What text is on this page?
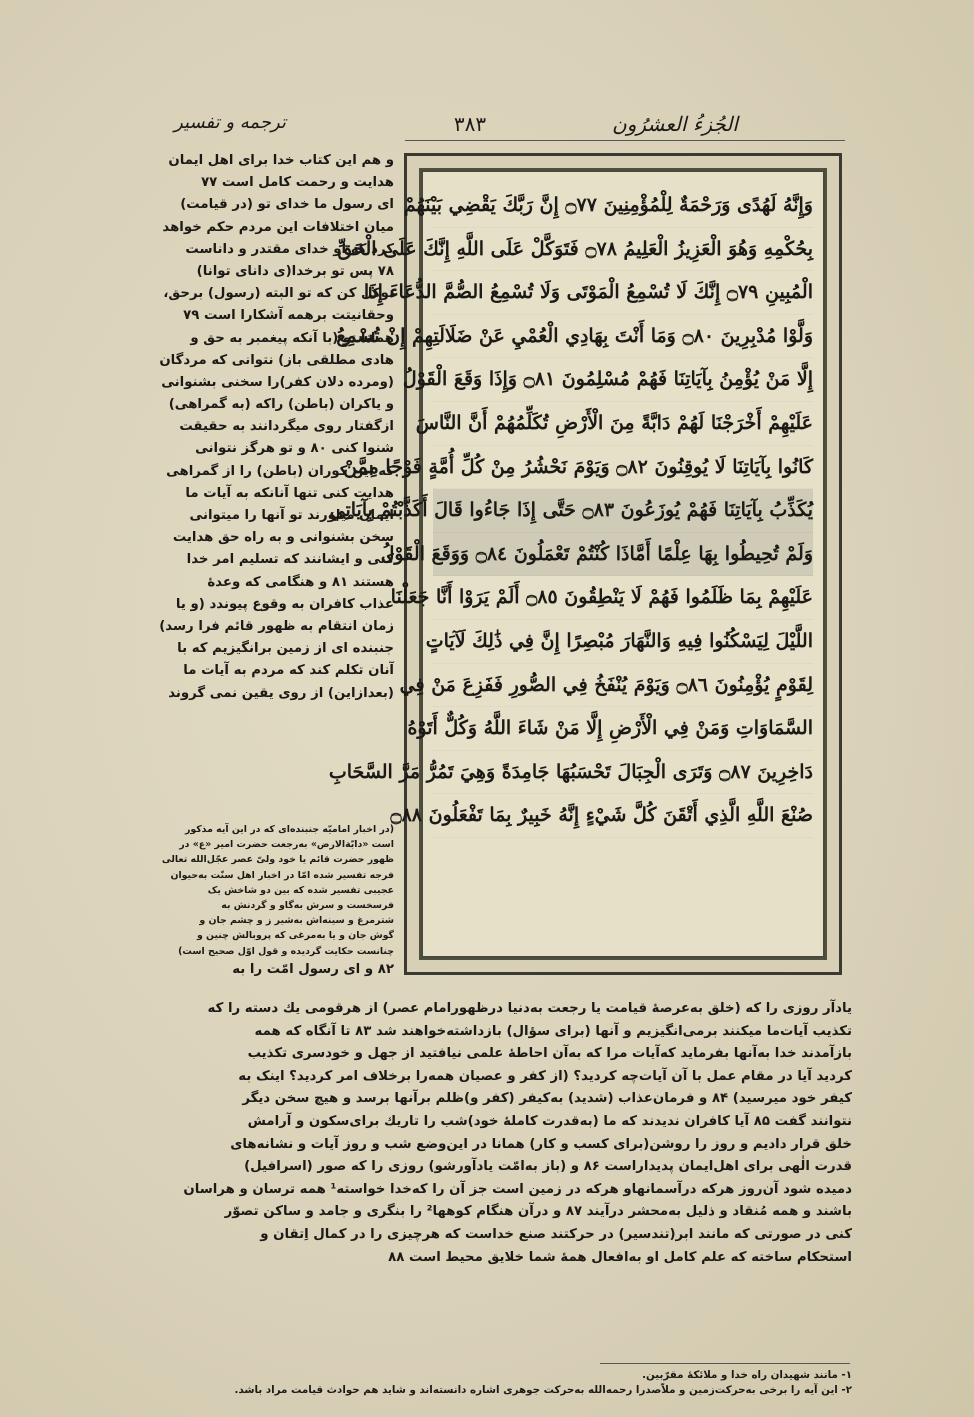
الجُزءُ العشرُون
۳۸۳
ترجمه و تفسیر
وَإِنَّهُ لَهُدًى وَرَحْمَةٌ لِلْمُؤْمِنِينَ ۝٧٧ إِنَّ رَبَّكَ يَقْضِي بَيْنَهُمْ
بِحُكْمِهِ وَهُوَ الْعَزِيزُ الْعَلِيمُ ۝٧٨ فَتَوَكَّلْ عَلَى اللَّهِ إِنَّكَ عَلَى الْحَقِّ
الْمُبِينِ ۝٧٩ إِنَّكَ لَا تُسْمِعُ الْمَوْتَى وَلَا تُسْمِعُ الصُّمَّ الدُّعَاءَ إِذَا
وَلَّوْا مُدْبِرِينَ ۝٨٠ وَمَا أَنْتَ بِهَادِي الْعُمْيِ عَنْ ضَلَالَتِهِمْ إِنْ تُسْمِعُ
إِلَّا مَنْ يُؤْمِنُ بِآيَاتِنَا فَهُمْ مُسْلِمُونَ ۝٨١ وَإِذَا وَقَعَ الْقَوْلُ
عَلَيْهِمْ أَخْرَجْنَا لَهُمْ دَابَّةً مِنَ الْأَرْضِ تُكَلِّمُهُمْ أَنَّ النَّاسَ
كَانُوا بِآيَاتِنَا لَا يُوقِنُونَ ۝٨٢ وَيَوْمَ نَحْشُرُ مِنْ كُلِّ أُمَّةٍ فَوْجًا مِمَّنْ
يُكَذِّبُ بِآيَاتِنَا فَهُمْ يُوزَعُونَ ۝٨٣ حَتَّى إِذَا جَاءُوا قَالَ أَكَذَّبْتُمْ بِآيَاتِي
وَلَمْ تُحِيطُوا بِهَا عِلْمًا أَمَّاذَا كُنْتُمْ تَعْمَلُونَ ۝٨٤ وَوَقَعَ الْقَوْلُ
عَلَيْهِمْ بِمَا ظَلَمُوا فَهُمْ لَا يَنْطِقُونَ ۝٨٥ أَلَمْ يَرَوْا أَنَّا جَعَلْنَا
اللَّيْلَ لِيَسْكُنُوا فِيهِ وَالنَّهَارَ مُبْصِرًا إِنَّ فِي ذَٰلِكَ لَآيَاتٍ
لِقَوْمٍ يُؤْمِنُونَ ۝٨٦ وَيَوْمَ يُنْفَخُ فِي الصُّورِ فَفَزِعَ مَنْ فِي
السَّمَاوَاتِ وَمَنْ فِي الْأَرْضِ إِلَّا مَنْ شَاءَ اللَّهُ وَكُلٌّ أَتَوْهُ
دَاخِرِينَ ۝٨٧ وَتَرَى الْجِبَالَ تَحْسَبُهَا جَامِدَةً وَهِيَ تَمُرُّ مَرَّ السَّحَابِ
صُنْعَ اللَّهِ الَّذِي أَتْقَنَ كُلَّ شَيْءٍ إِنَّهُ خَبِيرٌ بِمَا تَفْعَلُونَ ۝٨٨
و هم این کتاب خدا برای اهل ایمان
هدایت و رحمت کامل است ۷۷
ای رسول ما خدای تو (در قیامت)
میان اختلافات این مردم حکم خواهد
کرد که او خدای مقتدر و داناست
۷۸ پس تو برخدا(ی دانای توانا)
توکل کن که تو البته (رسول) برحق،
وحقانیتت برهمه آشکارا است ۷۹
همانا تو (با آنکه پیغمبر به حق و
هادی مطلقی باز) نتوانی که مردگان
(ومرده دلان کفر)را سخنی بشنوانی
و یاکران (باطن) راکه (به گمراهی)
ازگفتار روی میگردانند به حقیقت
شنوا کنی ۸۰ و تو هرگز نتوانی
که این کوران (باطن) را از گمراهی
هدایت کنی تنها آنانکه به آیات ما
ایمان میاورند تو آنها را میتوانی
سخن بشنوانی و به راه حق هدایت
کنی و ایشانند که تسلیم امر خدا
هستند ۸۱ و هنگامی که وعدهٔ
عذاب کافران به وقوع پیوندد (و یا
زمان انتقام به ظهور قائم فرا رسد)
جنبنده ای از زمین برانگیزیم که با
آنان تکلم کند که مردم به آیات ما
(بعدازاین) از روی یقین نمی گروند
(در اخبار امامیّه جنبنده‌ای که در این آیه مذکور
است «دابّةالارض» به‌رجعت حضرت امیر «ع» در
ظهور حضرت قائم یا خود ولیّ عصر عجّل‌الله تعالی
فرجه تفسیر شده امّا در اخبار اهل سنّت به‌حیوان
عجیبی تفسیر شده که بین دو شاخش یک
فرسخست و سرش به‌گاو و گردنش به
شترمرغ و سینه‌اش به‌شیر ز و چشم جان و
گوش جان و یا به‌مرغی که پروبالش چنین و
چنانست حکایت گردیده و قول اوّل صحیح است)
۸۲ و ای رسول امّت را به
یادآر روزی را که (خلق به‌عرصهٔ قیامت یا رجعت به‌دنیا درظهورامام عصر) از هرقومی یك دسته را که
تکذیب آیات‌ما میکنند برمی‌انگیزیم و آنها (برای سؤال) بازداشته‌خواهند شد ۸۳ تا آنگاه که همه
بازآمدند خدا به‌آنها بفرماید که‌آیات مرا که به‌آن احاطهٔ علمی نیافتید از جهل و خودسری تکذیب
کردید آیا در مقام عمل با آن آیات‌چه کردید؟ (از کفر و عصیان همه‌را برخلاف امر کردید؟ اینک به
کیفر خود میرسید) ۸۴ و فرمان‌عذاب (شدید) به‌کیفر (کفر و)ظلم برآنها برسد و هیچ سخن دیگر
نتوانند گفت ۸۵ آیا کافران ندیدند که ما (به‌قدرت کاملهٔ خود)شب را تاریك برای‌سکون و آرامش
خلق قرار دادیم و روز را روشن(برای کسب و کار) همانا در این‌وضع شب و روز آیات و نشانه‌های
قدرت الٰهی برای اهل‌ایمان پدیداراست ۸۶ و (باز به‌امّت یادآورشو) روزی را که صور (اسرافیل)
دمیده شود آن‌روز هرکه درآسمانهاو هرکه در زمین است جز آن را که‌خدا خواسته¹ همه ترسان و هراسان
باشند و همه مُنقاد و ذلیل به‌محشر درآیند ۸۷ و درآن هنگام کوهها² را بنگری و جامد و ساکن تصوّر
کنی در صورتی که مانند ابر(تندسیر) در حرکتند صنع خداست که هرچیزی را در کمال اِتقان و
استحکام ساخته که علم کامل او به‌افعال همهٔ شما خلایق محیط است ۸۸
۱- مانند شهیدان راه خدا و ملائکهٔ مقرّبین.
۲- این آیه را برخی به‌حرکت‌زمین و ملاّصدرا رحمه‌الله به‌حرکت جوهری اشاره دانسته‌اند و شاید هم حوادث قیامت مراد باشد.
